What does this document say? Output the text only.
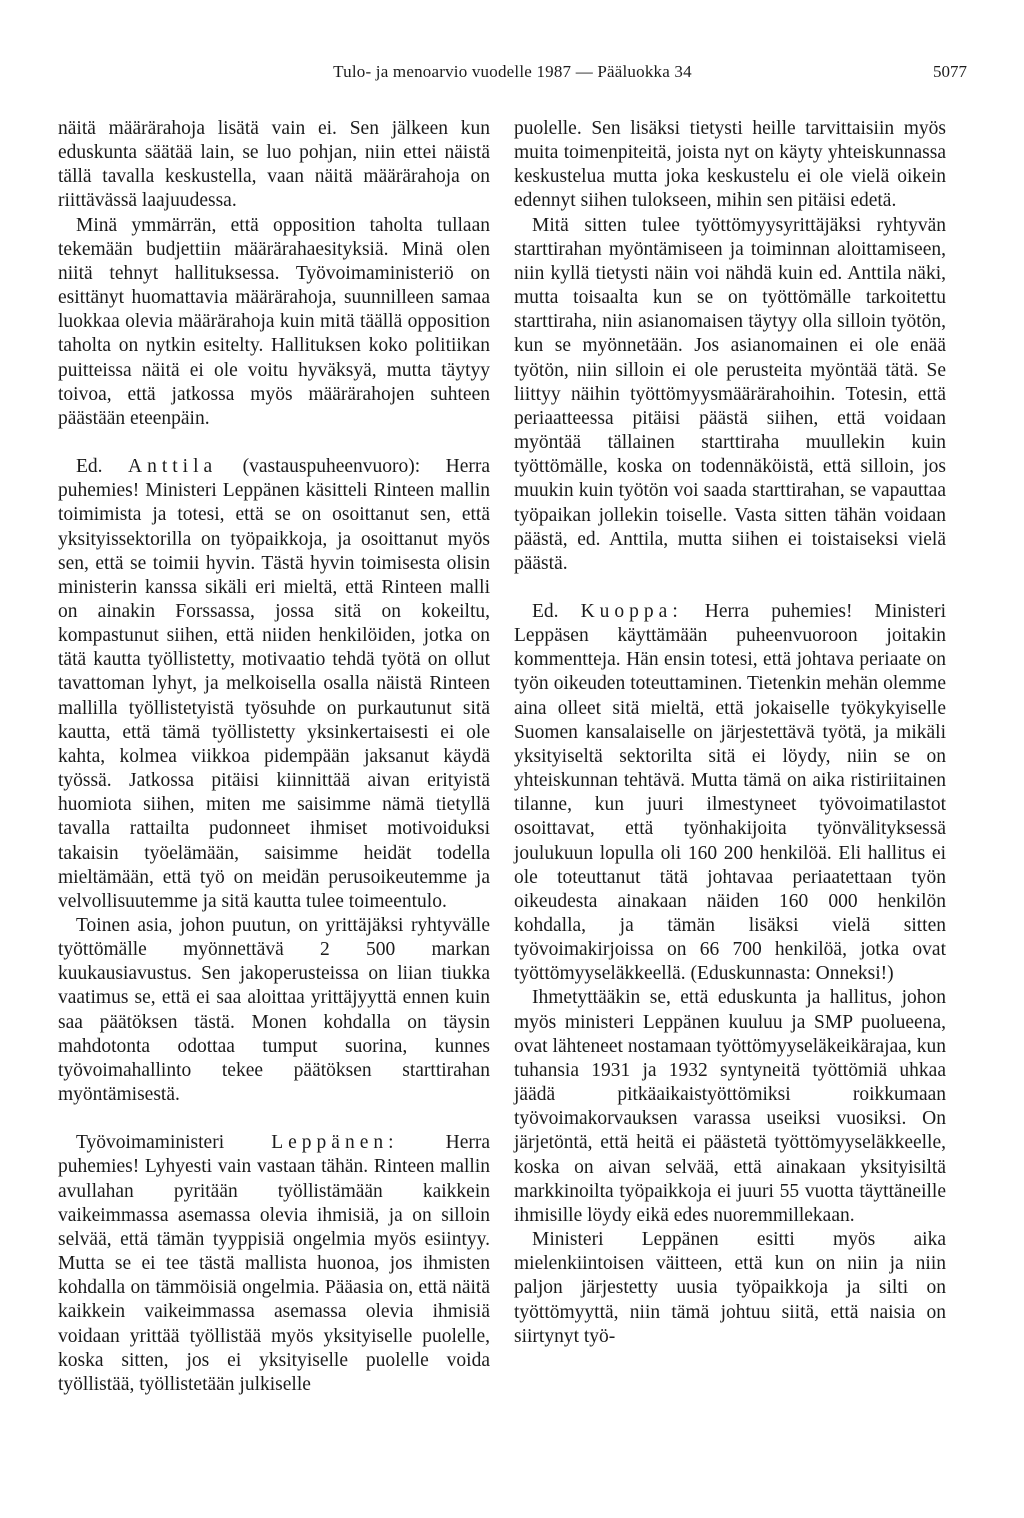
Tulo- ja menoarvio vuodelle 1987 — Pääluokka 34	5077

näitä määrärahoja lisätä vain ei. Sen jälkeen kun eduskunta säätää lain, se luo pohjan, niin ettei näistä tällä tavalla keskustella, vaan näitä määrärahoja on riittävässä laajuudessa.

Minä ymmärrän, että opposition taholta tullaan tekemään budjettiin määrärahaesityksiä. Minä olen niitä tehnyt hallituksessa. Työvoimaministeriö on esittänyt huomattavia määrärahoja, suunnilleen samaa luokkaa olevia määrärahoja kuin mitä täällä opposition taholta on nytkin esitelty. Hallituksen koko politiikan puitteissa näitä ei ole voitu hyväksyä, mutta täytyy toivoa, että jatkossa myös määrärahojen suhteen päästään eteenpäin.

Ed. Anttila (vastauspuheenvuoro): Herra puhemies! Ministeri Leppänen käsitteli Rinteen mallin toimimista ja totesi, että se on osoittanut sen, että yksityissektorilla on työpaikkoja, ja osoittanut myös sen, että se toimii hyvin. Tästä hyvin toimisesta olisin ministerin kanssa sikäli eri mieltä, että Rinteen malli on ainakin Forssassa, jossa sitä on kokeiltu, kompastunut siihen, että niiden henkilöiden, jotka on tätä kautta työllistetty, motivaatio tehdä työtä on ollut tavattoman lyhyt, ja melkoisella osalla näistä Rinteen mallilla työllistetyistä työsuhde on purkautunut sitä kautta, että tämä työllistetty yksinkertaisesti ei ole kahta, kolmea viikkoa pidempään jaksanut käydä työssä. Jatkossa pitäisi kiinnittää aivan erityistä huomiota siihen, miten me saisimme nämä tietyllä tavalla rattailta pudonneet ihmiset motivoiduksi takaisin työelämään, saisimme heidät todella mieltämään, että työ on meidän perusoikeutemme ja velvollisuutemme ja sitä kautta tulee toimeentulo.

Toinen asia, johon puutun, on yrittäjäksi ryhtyvälle työttömälle myönnettävä 2 500 markan kuukausiavustus. Sen jakoperusteissa on liian tiukka vaatimus se, että ei saa aloittaa yrittäjyyttä ennen kuin saa päätöksen tästä. Monen kohdalla on täysin mahdotonta odottaa tumput suorina, kunnes työvoimahallinto tekee päätöksen starttirahan myöntämisestä.

Työvoimaministeri Leppänen: Herra puhemies! Lyhyesti vain vastaan tähän. Rinteen mallin avullahan pyritään työllistämään kaikkein vaikeimmassa asemassa olevia ihmisiä, ja on silloin selvää, että tämän tyyppisiä ongelmia myös esiintyy. Mutta se ei tee tästä mallista huonoa, jos ihmisten kohdalla on tämmöisiä ongelmia. Pääasia on, että näitä kaikkein vaikeimmassa asemassa olevia ihmisiä voidaan yrittää työllistää myös yksityiselle puolelle, koska sitten, jos ei yksityiselle puolelle voida työllistää, työllistetään julkiselle

puolelle. Sen lisäksi tietysti heille tarvittaisiin myös muita toimenpiteitä, joista nyt on käyty yhteiskunnassa keskustelua mutta joka keskustelu ei ole vielä oikein edennyt siihen tulokseen, mihin sen pitäisi edetä.

Mitä sitten tulee työttömyysyrittäjäksi ryhtyvän starttirahan myöntämiseen ja toiminnan aloittamiseen, niin kyllä tietysti näin voi nähdä kuin ed. Anttila näki, mutta toisaalta kun se on työttömälle tarkoitettu starttiraha, niin asianomaisen täytyy olla silloin työtön, kun se myönnetään. Jos asianomainen ei ole enää työtön, niin silloin ei ole perusteita myöntää tätä. Se liittyy näihin työttömyysmäärärahoihin. Totesin, että periaatteessa pitäisi päästä siihen, että voidaan myöntää tällainen starttiraha muullekin kuin työttömälle, koska on todennäköistä, että silloin, jos muukin kuin työtön voi saada starttirahan, se vapauttaa työpaikan jollekin toiselle. Vasta sitten tähän voidaan päästä, ed. Anttila, mutta siihen ei toistaiseksi vielä päästä.

Ed. Kuoppa: Herra puhemies! Ministeri Leppäsen käyttämään puheenvuoroon joitakin kommentteja. Hän ensin totesi, että johtava periaate on työn oikeuden toteuttaminen. Tietenkin mehän olemme aina olleet sitä mieltä, että jokaiselle työkykyiselle Suomen kansalaiselle on järjestettävä työtä, ja mikäli yksityiseltä sektorilta sitä ei löydy, niin se on yhteiskunnan tehtävä. Mutta tämä on aika ristiriitainen tilanne, kun juuri ilmestyneet työvoimatilastot osoittavat, että työnhakijoita työnvälityksessä joulukuun lopulla oli 160 200 henkilöä. Eli hallitus ei ole toteuttanut tätä johtavaa periaatettaan työn oikeudesta ainakaan näiden 160 000 henkilön kohdalla, ja tämän lisäksi vielä sitten työvoimakirjoissa on 66 700 henkilöä, jotka ovat työttömyyseläkkeellä. (Eduskunnasta: Onneksi!)

Ihmetyttääkin se, että eduskunta ja hallitus, johon myös ministeri Leppänen kuuluu ja SMP puolueena, ovat lähteneet nostamaan työttömyyseläkeikärajaa, kun tuhansia 1931 ja 1932 syntyneitä työttömiä uhkaa jäädä pitkäaikaistyöttömiksi roikkumaan työvoimakorvauksen varassa useiksi vuosiksi. On järjetöntä, että heitä ei päästetä työttömyyseläkkeelle, koska on aivan selvää, että ainakaan yksityisiltä markkinoilta työpaikkoja ei juuri 55 vuotta täyttäneille ihmisille löydy eikä edes nuoremmillekaan.

Ministeri Leppänen esitti myös aika mielenkiintoisen väitteen, että kun on niin ja niin paljon järjestetty uusia työpaikkoja ja silti on työttömyyttä, niin tämä johtuu siitä, että naisia on siirtynyt työ-
